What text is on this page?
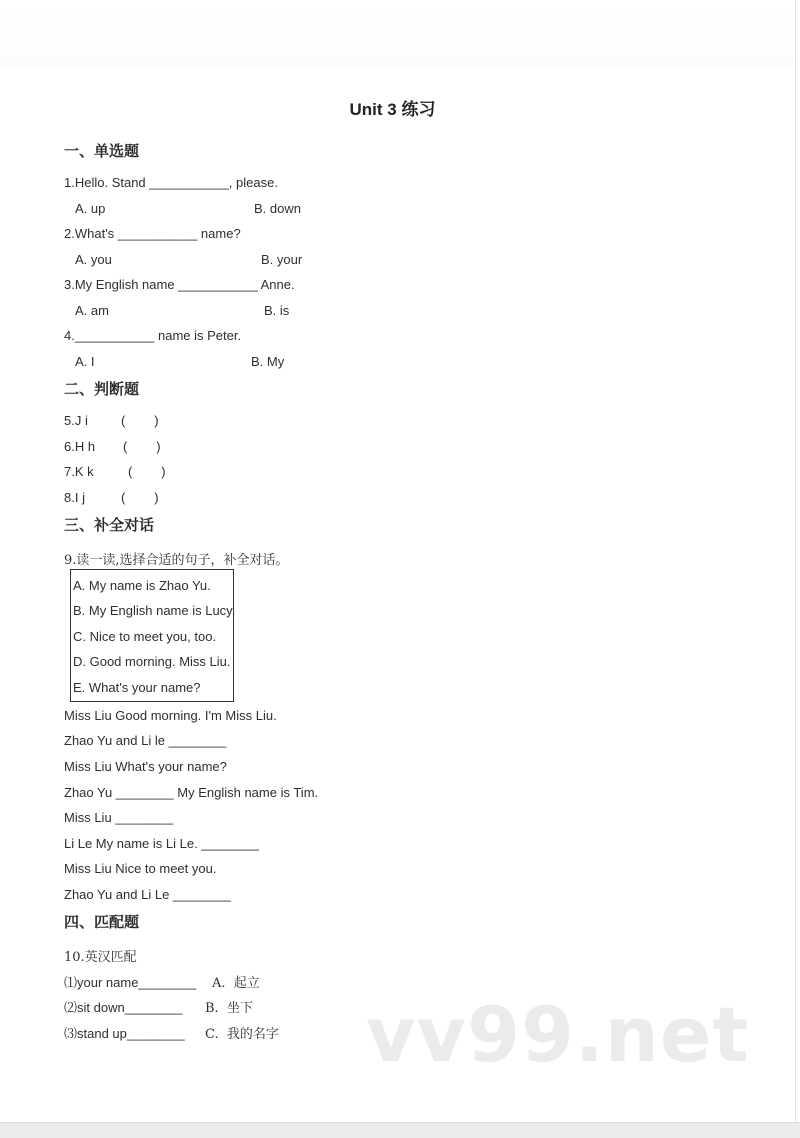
Unit 3 练习
一、单选题
1.Hello. Stand ___________, please.
A. up	B. down
2.What's ___________ name?
A. you	B. your
3.My English name ___________ Anne.
A. am	B. is
4.___________ name is Peter.
A. I	B. My
二、判断题
5.J i	(        )
6.H h (        )
7.K k	(        )
8.I j	(        )
三、补全对话
9.读一读,选择合适的句子，补全对话。
A. My name is Zhao Yu.
B. My English name is Lucy.
C. Nice to meet you, too.
D. Good morning. Miss Liu.
E. What's your name?
Miss Liu Good morning. I'm Miss Liu.
Zhao Yu and Li le ________
Miss Liu What's your name?
Zhao Yu ________ My English name is Tim.
Miss Liu ________
Li Le My name is Li Le. ________
Miss Liu Nice to meet you.
Zhao Yu and Li Le ________
四、匹配题
10.英汉匹配
⑴your name________ A.  起立
⑵sit down________ B.  坐下
⑶stand up________ C.  我的名字 vv99.net
